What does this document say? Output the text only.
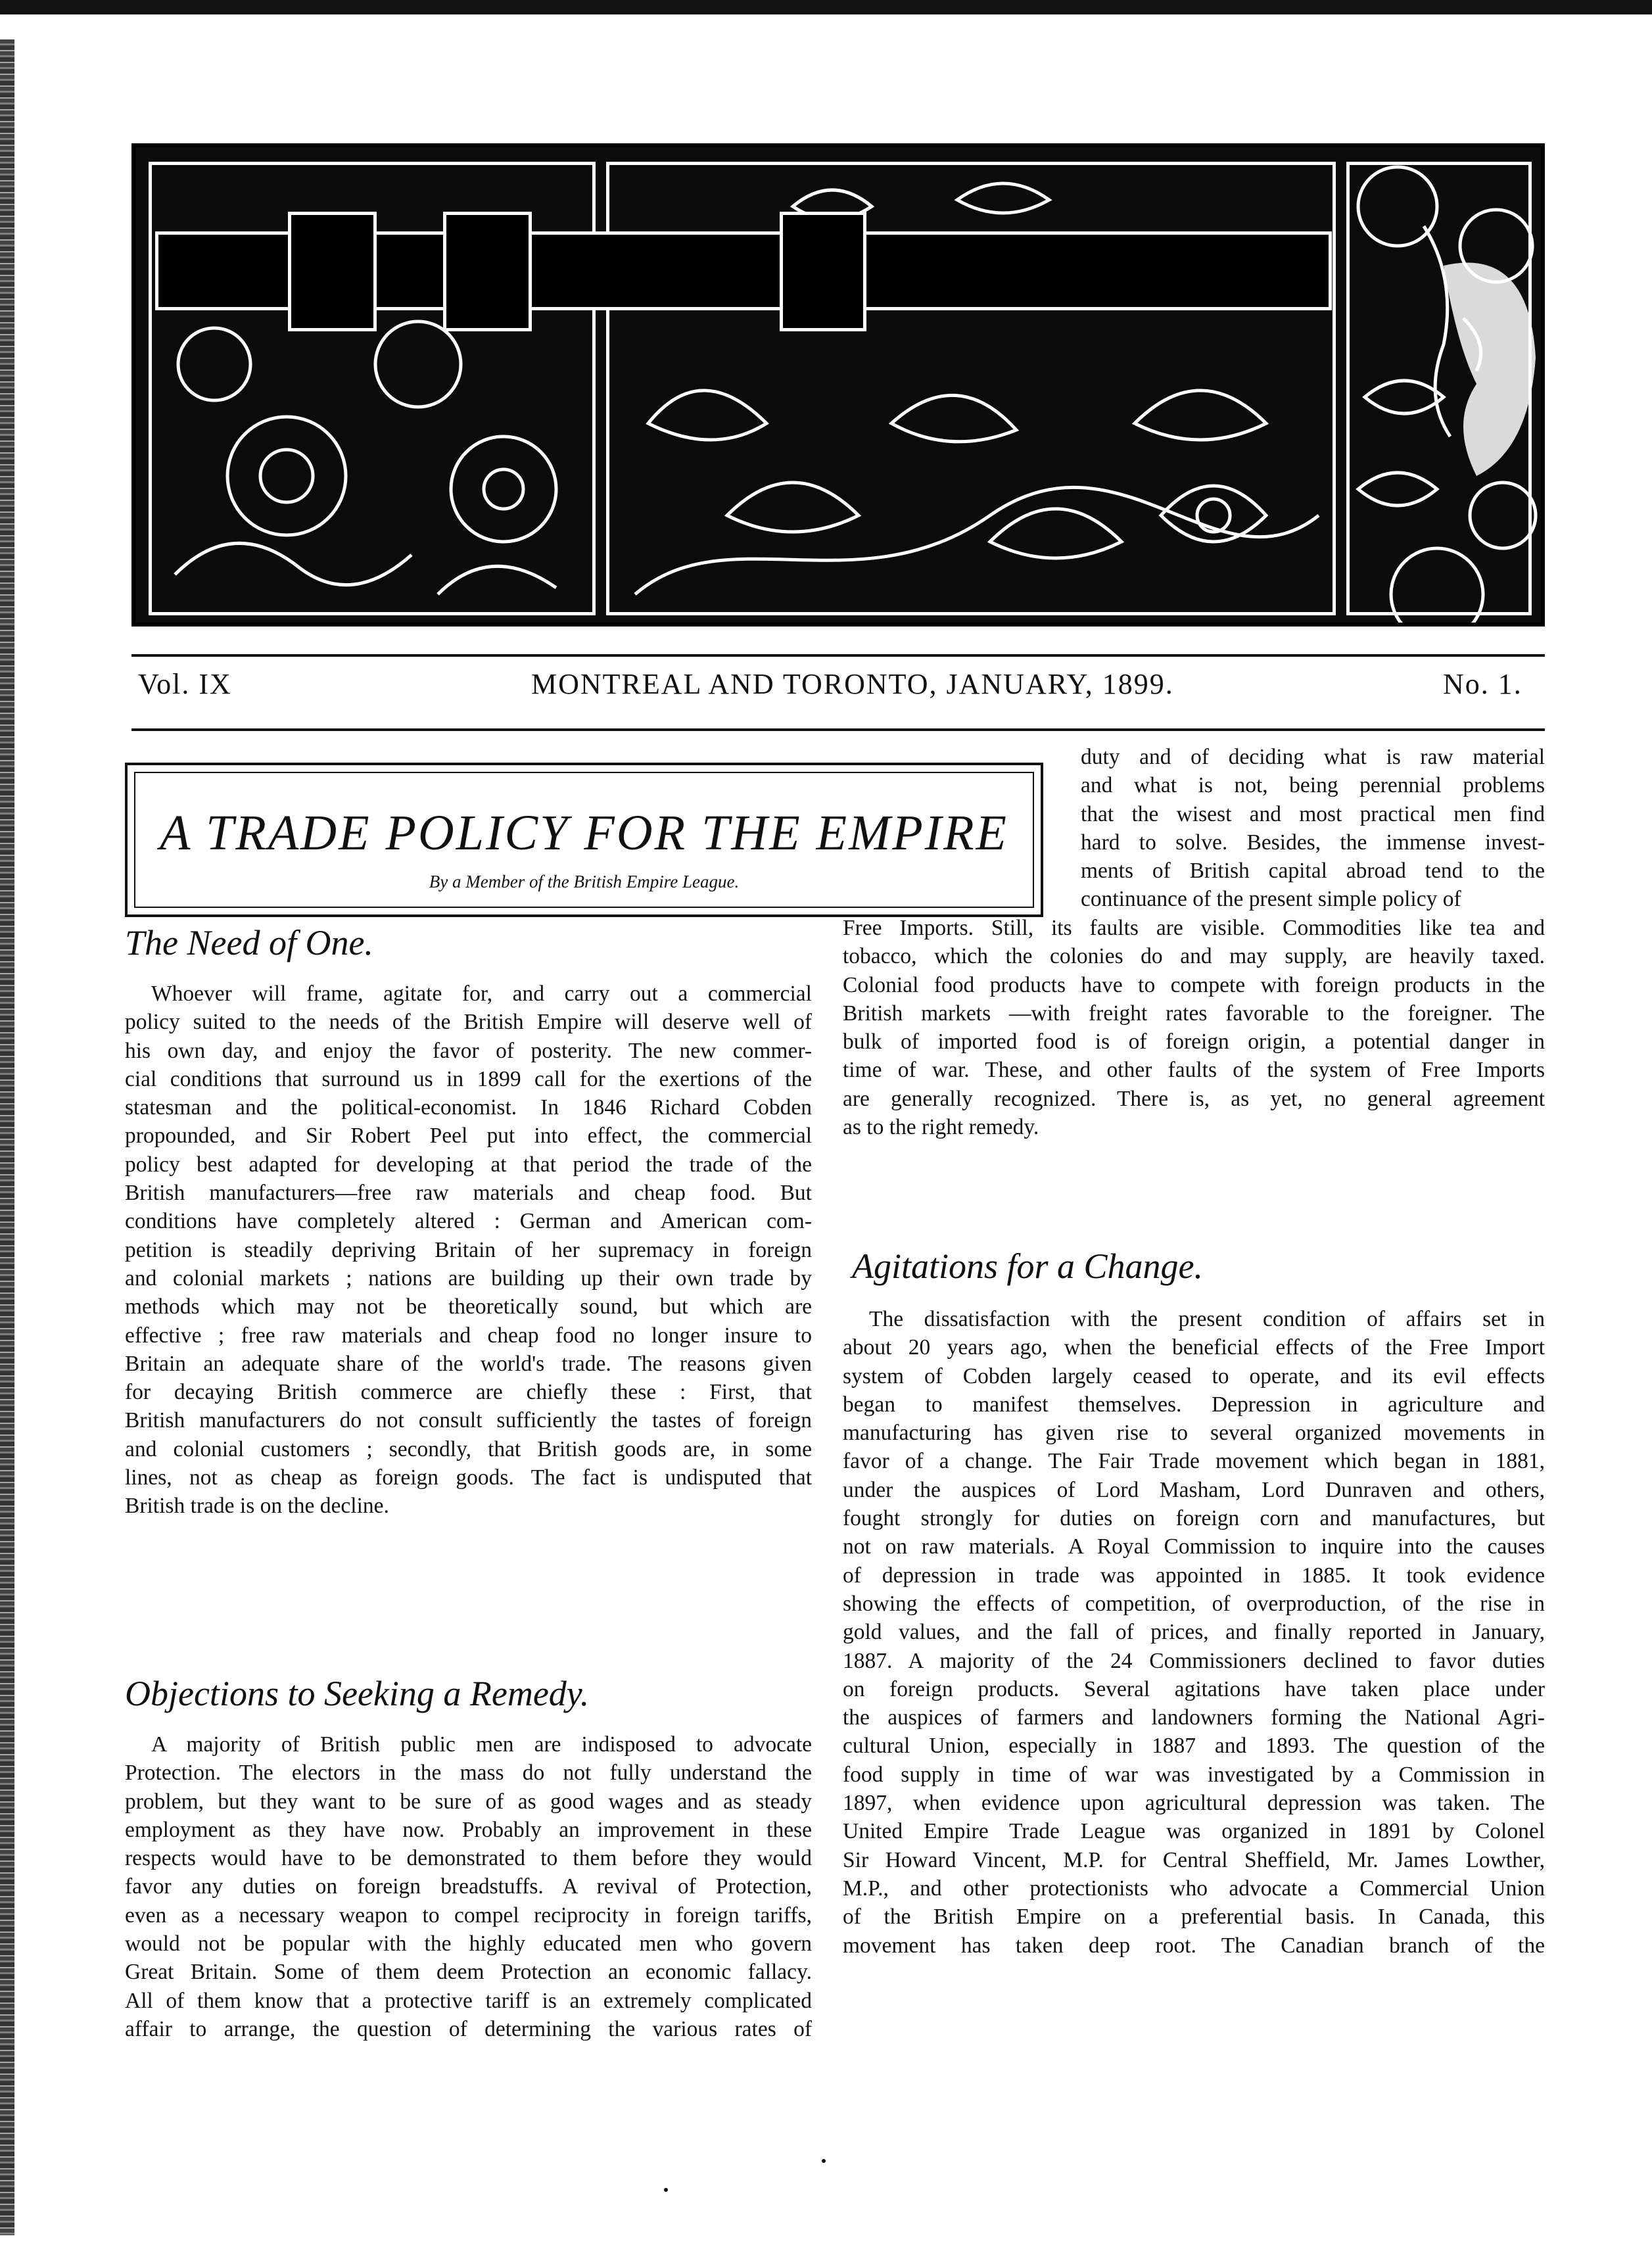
Vol. IX	MONTREAL AND TORONTO, JANUARY, 1899.	No. 1.
A TRADE POLICY FOR THE EMPIRE
By a Member of the British Empire League.
The Need of One.
Objections to Seeking a Remedy.
Agitations for a Change.
Whoever will frame, agitate for, and carry out a commercial
policy suited to the needs of the British Empire will deserve well of
his own day, and enjoy the favor of posterity. The new commer-
cial conditions that surround us in 1899 call for the exertions of the
statesman and the political-economist. In 1846 Richard Cobden
propounded, and Sir Robert Peel put into effect, the commercial
policy best adapted for developing at that period the trade of the
British manufacturers—free raw materials and cheap food. But
conditions have completely altered : German and American com-
petition is steadily depriving Britain of her supremacy in foreign
and colonial markets ; nations are building up their own trade by
methods which may not be theoretically sound, but which are
effective ; free raw materials and cheap food no longer insure to
Britain an adequate share of the world's trade. The reasons given
for decaying British commerce are chiefly these : First, that
British manufacturers do not consult sufficiently the tastes of foreign
and colonial customers ; secondly, that British goods are, in some
lines, not as cheap as foreign goods. The fact is undisputed that
British trade is on the decline.
A majority of British public men are indisposed to advocate
Protection. The electors in the mass do not fully understand the
problem, but they want to be sure of as good wages and as steady
employment as they have now. Probably an improvement in these
respects would have to be demonstrated to them before they would
favor any duties on foreign breadstuffs. A revival of Protection,
even as a necessary weapon to compel reciprocity in foreign tariffs,
would not be popular with the highly educated men who govern
Great Britain. Some of them deem Protection an economic fallacy.
All of them know that a protective tariff is an extremely complicated
affair to arrange, the question of determining the various rates of
duty and of deciding what is raw material
and what is not, being perennial problems
that the wisest and most practical men find
hard to solve. Besides, the immense invest-
ments of British capital abroad tend to the
continuance of the present simple policy of
Free Imports. Still, its faults are visible. Commodities like tea and
tobacco, which the colonies do and may supply, are heavily taxed.
Colonial food products have to compete with foreign products in the
British markets —with freight rates favorable to the foreigner. The
bulk of imported food is of foreign origin, a potential danger in
time of war. These, and other faults of the system of Free Imports
are generally recognized. There is, as yet, no general agreement
as to the right remedy.
The dissatisfaction with the present condition of affairs set in
about 20 years ago, when the beneficial effects of the Free Import
system of Cobden largely ceased to operate, and its evil effects
began to manifest themselves. Depression in agriculture and
manufacturing has given rise to several organized movements in
favor of a change. The Fair Trade movement which began in 1881,
under the auspices of Lord Masham, Lord Dunraven and others,
fought strongly for duties on foreign corn and manufactures, but
not on raw materials. A Royal Commission to inquire into the causes
of depression in trade was appointed in 1885. It took evidence
showing the effects of competition, of overproduction, of the rise in
gold values, and the fall of prices, and finally reported in January,
1887. A majority of the 24 Commissioners declined to favor duties
on foreign products. Several agitations have taken place under
the auspices of farmers and landowners forming the National Agri-
cultural Union, especially in 1887 and 1893. The question of the
food supply in time of war was investigated by a Commission in
1897, when evidence upon agricultural depression was taken. The
United Empire Trade League was organized in 1891 by Colonel
Sir Howard Vincent, M.P. for Central Sheffield, Mr. James Lowther,
M.P., and other protectionists who advocate a Commercial Union
of the British Empire on a preferential basis. In Canada, this
movement has taken deep root. The Canadian branch of the
